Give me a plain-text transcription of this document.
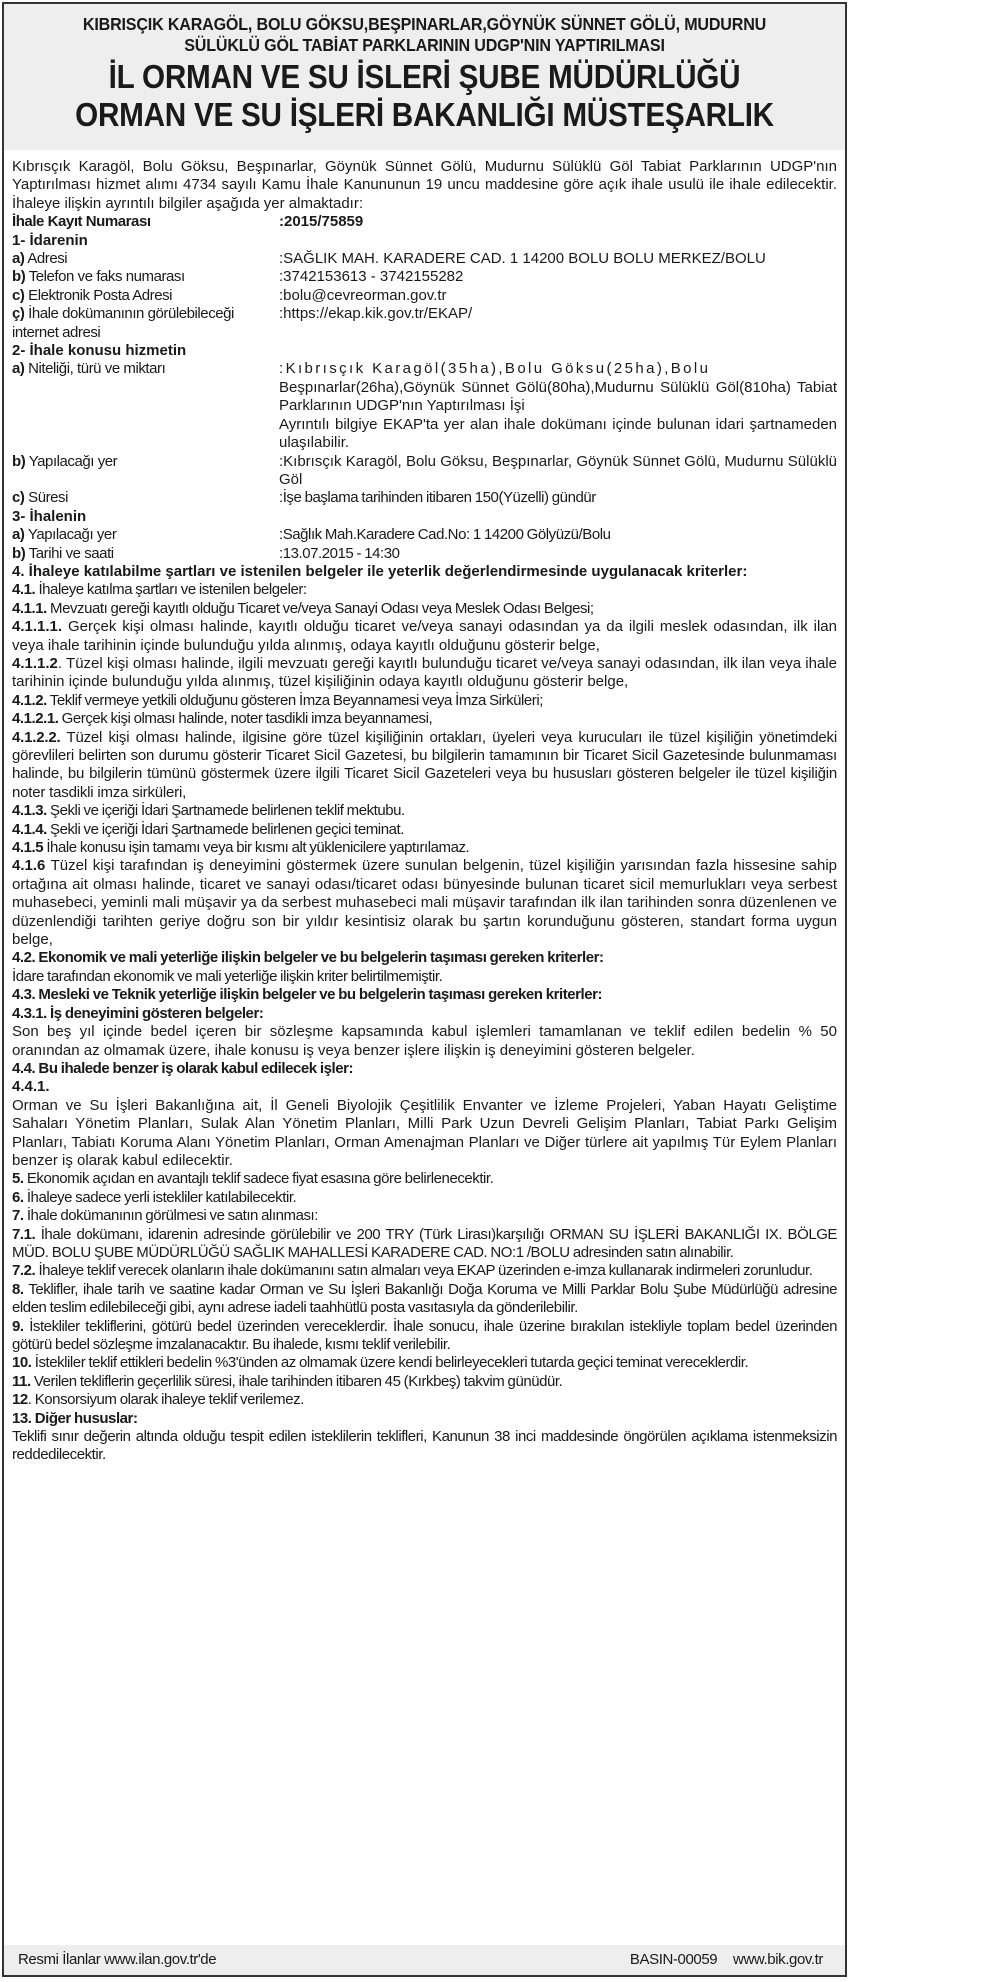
KIBRISÇIK KARAGÖL, BOLU GÖKSU,BEŞPINARLAR,GÖYNÜK SÜNNET GÖLÜ, MUDURNU
SÜLÜKLÜ GÖL TABİAT PARKLARININ UDGP'NIN YAPTIRILMASI
İL ORMAN VE SU İSLERİ ŞUBE MÜDÜRLÜĞÜ
ORMAN VE SU İŞLERİ BAKANLIĞI MÜSTEŞARLIK

Kıbrısçık Karagöl, Bolu Göksu, Beşpınarlar, Göynük Sünnet Gölü, Mudurnu Sülüklü Göl Tabiat Parklarının UDGP'nın Yaptırılması hizmet alımı 4734 sayılı Kamu İhale Kanununun 19 uncu maddesine göre açık ihale usulü ile ihale edilecektir. İhaleye ilişkin ayrıntılı bilgiler aşağıda yer almaktadır:

İhale Kayıt Numarası	:2015/75859
1- İdarenin
a) Adresi	:SAĞLIK MAH. KARADERE CAD. 1 14200 BOLU BOLU MERKEZ/BOLU
b) Telefon ve faks numarası	:3742153613 - 3742155282
c) Elektronik Posta Adresi	:bolu@cevreorman.gov.tr
ç) İhale dokümanının görülebileceği internet adresi
:https://ekap.kik.gov.tr/EKAP/
2- İhale konusu hizmetin
a) Niteliği, türü ve miktarı	:Kıbrısçık Karagöl(35ha),Bolu Göksu(25ha),Bolu
Beşpınarlar(26ha),Göynük Sünnet Gölü(80ha),Mudurnu Sülüklü Göl(810ha) Tabiat Parklarının UDGP'nın Yaptırılması İşi
Ayrıntılı bilgiye EKAP'ta yer alan ihale dokümanı içinde bulunan idari şartnameden ulaşılabilir.
b) Yapılacağı yer	:Kıbrısçık Karagöl, Bolu Göksu, Beşpınarlar, Göynük Sünnet Gölü, Mudurnu Sülüklü Göl
c) Süresi	:İşe başlama tarihinden itibaren 150(Yüzelli) gündür
3- İhalenin
a) Yapılacağı yer	:Sağlık Mah.Karadere Cad.No: 1 14200 Gölyüzü/Bolu
b) Tarihi ve saati	:13.07.2015 - 14:30

4. İhaleye katılabilme şartları ve istenilen belgeler ile yeterlik değerlendirmesinde uygulanacak kriterler:

4.1. İhaleye katılma şartları ve istenilen belgeler:

4.1.1. Mevzuatı gereği kayıtlı olduğu Ticaret ve/veya Sanayi Odası veya Meslek Odası Belgesi;

4.1.1.1. Gerçek kişi olması halinde, kayıtlı olduğu ticaret ve/veya sanayi odasından ya da ilgili meslek odasından, ilk ilan veya ihale tarihinin içinde bulunduğu yılda alınmış, odaya kayıtlı olduğunu gösterir belge,

4.1.1.2. Tüzel kişi olması halinde, ilgili mevzuatı gereği kayıtlı bulunduğu ticaret ve/veya sanayi odasından, ilk ilan veya ihale tarihinin içinde bulunduğu yılda alınmış, tüzel kişiliğinin odaya kayıtlı olduğunu gösterir belge,

4.1.2. Teklif vermeye yetkili olduğunu gösteren İmza Beyannamesi veya İmza Sirküleri;

4.1.2.1. Gerçek kişi olması halinde, noter tasdikli imza beyannamesi,

4.1.2.2. Tüzel kişi olması halinde, ilgisine göre tüzel kişiliğinin ortakları, üyeleri veya kurucuları ile tüzel kişiliğin yönetimdeki görevlileri belirten son durumu gösterir Ticaret Sicil Gazetesi, bu bilgilerin tamamının bir Ticaret Sicil Gazetesinde bulunmaması halinde, bu bilgilerin tümünü göstermek üzere ilgili Ticaret Sicil Gazeteleri veya bu hususları gösteren belgeler ile tüzel kişiliğin noter tasdikli imza sirküleri,

4.1.3. Şekli ve içeriği İdari Şartnamede belirlenen teklif mektubu.

4.1.4. Şekli ve içeriği İdari Şartnamede belirlenen geçici teminat.

4.1.5 İhale konusu işin tamamı veya bir kısmı alt yüklenicilere yaptırılamaz.

4.1.6 Tüzel kişi tarafından iş deneyimini göstermek üzere sunulan belgenin, tüzel kişiliğin yarısından fazla hissesine sahip ortağına ait olması halinde, ticaret ve sanayi odası/ticaret odası bünyesinde bulunan ticaret sicil memurlukları veya serbest muhasebeci, yeminli mali müşavir ya da serbest muhasebeci mali müşavir tarafından ilk ilan tarihinden sonra düzenlenen ve düzenlendiği tarihten geriye doğru son bir yıldır kesintisiz olarak bu şartın korunduğunu gösteren, standart forma uygun belge,

4.2. Ekonomik ve mali yeterliğe ilişkin belgeler ve bu belgelerin taşıması gereken kriterler:

İdare tarafından ekonomik ve mali yeterliğe ilişkin kriter belirtilmemiştir.

4.3. Mesleki ve Teknik yeterliğe ilişkin belgeler ve bu belgelerin taşıması gereken kriterler:

4.3.1. İş deneyimini gösteren belgeler:

Son beş yıl içinde bedel içeren bir sözleşme kapsamında kabul işlemleri tamamlanan ve teklif edilen bedelin % 50 oranından az olmamak üzere, ihale konusu iş veya benzer işlere ilişkin iş deneyimini gösteren belgeler.

4.4. Bu ihalede benzer iş olarak kabul edilecek işler:

4.4.1.

Orman ve Su İşleri Bakanlığına ait, İl Geneli Biyolojik Çeşitlilik Envanter ve İzleme Projeleri, Yaban Hayatı Geliştime Sahaları Yönetim Planları, Sulak Alan Yönetim Planları, Milli Park Uzun Devreli Gelişim Planları, Tabiat Parkı Gelişim Planları, Tabiatı Koruma Alanı Yönetim Planları, Orman Amenajman Planları ve Diğer türlere ait yapılmış Tür Eylem Planları benzer iş olarak kabul edilecektir.

5. Ekonomik açıdan en avantajlı teklif sadece fiyat esasına göre belirlenecektir.

6. İhaleye sadece yerli istekliler katılabilecektir.

7. İhale dokümanının görülmesi ve satın alınması:

7.1. İhale dokümanı, idarenin adresinde görülebilir ve 200 TRY (Türk Lirası)karşılığı ORMAN SU İŞLERİ BAKANLIĞI IX. BÖLGE MÜD. BOLU ŞUBE MÜDÜRLÜĞÜ SAĞLIK MAHALLESİ KARADERE CAD. NO:1 /BOLU adresinden satın alınabilir.

7.2. İhaleye teklif verecek olanların ihale dokümanını satın almaları veya EKAP üzerinden e-imza kullanarak indirmeleri zorunludur.

8. Teklifler, ihale tarih ve saatine kadar Orman ve Su İşleri Bakanlığı Doğa Koruma ve Milli Parklar Bolu Şube Müdürlüğü adresine elden teslim edilebileceği gibi, aynı adrese iadeli taahhütlü posta vasıtasıyla da gönderilebilir.

9. İstekliler tekliflerini, götürü bedel üzerinden vereceklerdir. İhale sonucu, ihale üzerine bırakılan istekliyle toplam bedel üzerinden götürü bedel sözleşme imzalanacaktır. Bu ihalede, kısmı teklif verilebilir.

10. İstekliler teklif ettikleri bedelin %3'ünden az olmamak üzere kendi belirleyecekleri tutarda geçici teminat vereceklerdir.

11. Verilen tekliflerin geçerlilik süresi, ihale tarihinden itibaren 45 (Kırkbeş) takvim günüdür.

12. Konsorsiyum olarak ihaleye teklif verilemez.

13. Diğer hususlar:

Teklifi sınır değerin altında olduğu tespit edilen isteklilerin teklifleri, Kanunun 38 inci maddesinde öngörülen açıklama istenmeksizin reddedilecektir.

Resmi İlanlar www.ilan.gov.tr'de	BASIN-00059 www.bik.gov.tr
